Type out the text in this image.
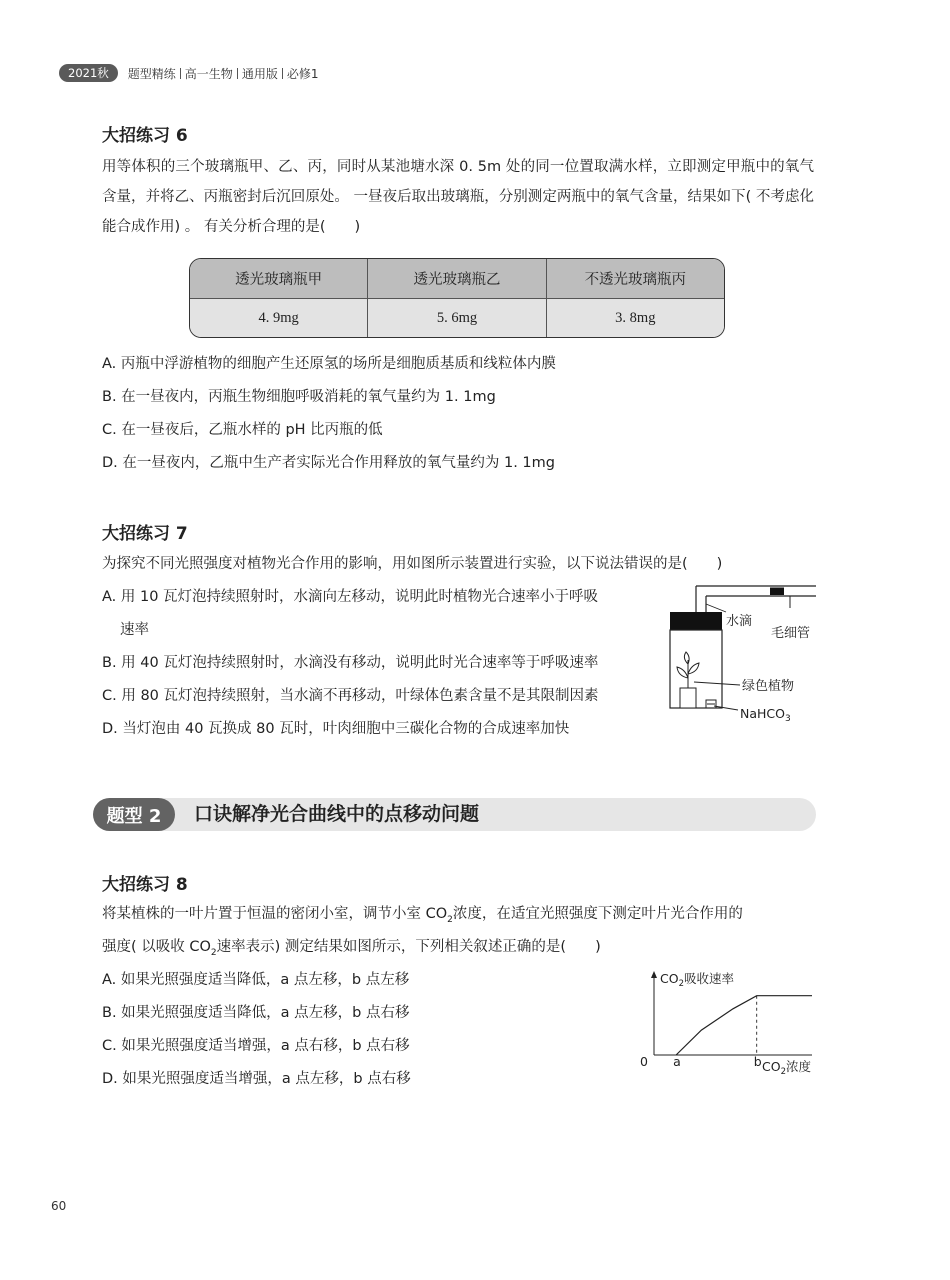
2021秋	题型精练 高一生物 通用版 必修1
大招练习 6
用等体积的三个玻璃瓶甲、乙、丙，同时从某池塘水深 0. 5m 处的同一位置取满水样，立即测定甲瓶中的氧气含量，并将乙、丙瓶密封后沉回原处。 一昼夜后取出玻璃瓶，分别测定两瓶中的氧气含量，结果如下( 不考虑化能合成作用) 。 有关分析合理的是(　　)
透光玻璃瓶甲	透光玻璃瓶乙	不透光玻璃瓶丙
4. 9mg	5. 6mg	3. 8mg
A. 丙瓶中浮游植物的细胞产生还原氢的场所是细胞质基质和线粒体内膜
B. 在一昼夜内，丙瓶生物细胞呼吸消耗的氧气量约为 1. 1mg
C. 在一昼夜后，乙瓶水样的 pH 比丙瓶的低
D. 在一昼夜内，乙瓶中生产者实际光合作用释放的氧气量约为 1. 1mg
大招练习 7
为探究不同光照强度对植物光合作用的影响，用如图所示装置进行实验，以下说法错误的是(　　)
A. 用 10 瓦灯泡持续照射时，水滴向左移动，说明此时植物光合速率小于呼吸
速率
B. 用 40 瓦灯泡持续照射时，水滴没有移动，说明此时光合速率等于呼吸速率
C. 用 80 瓦灯泡持续照射，当水滴不再移动，叶绿体色素含量不是其限制因素
D. 当灯泡由 40 瓦换成 80 瓦时，叶肉细胞中三碳化合物的合成速率加快
水滴
毛细管
绿色植物
NaHCO$_3$
题型 2	口诀解净光合曲线中的点移动问题
大招练习 8
将某植株的一叶片置于恒温的密闭小室，调节小室 $CO_2$浓度，在适宜光照强度下测定叶片光合作用的
强度( 以吸收 $CO_2$速率表示) 测定结果如图所示，下列相关叙述正确的是(　　)
A. 如果光照强度适当降低，a 点左移，b 点左移
B. 如果光照强度适当降低，a 点左移，b 点右移
C. 如果光照强度适当增强，a 点右移，b 点右移
D. 如果光照强度适当增强，a 点左移，b 点右移
$CO_2$吸收速率
$CO_2$浓度
0 a	b
60
